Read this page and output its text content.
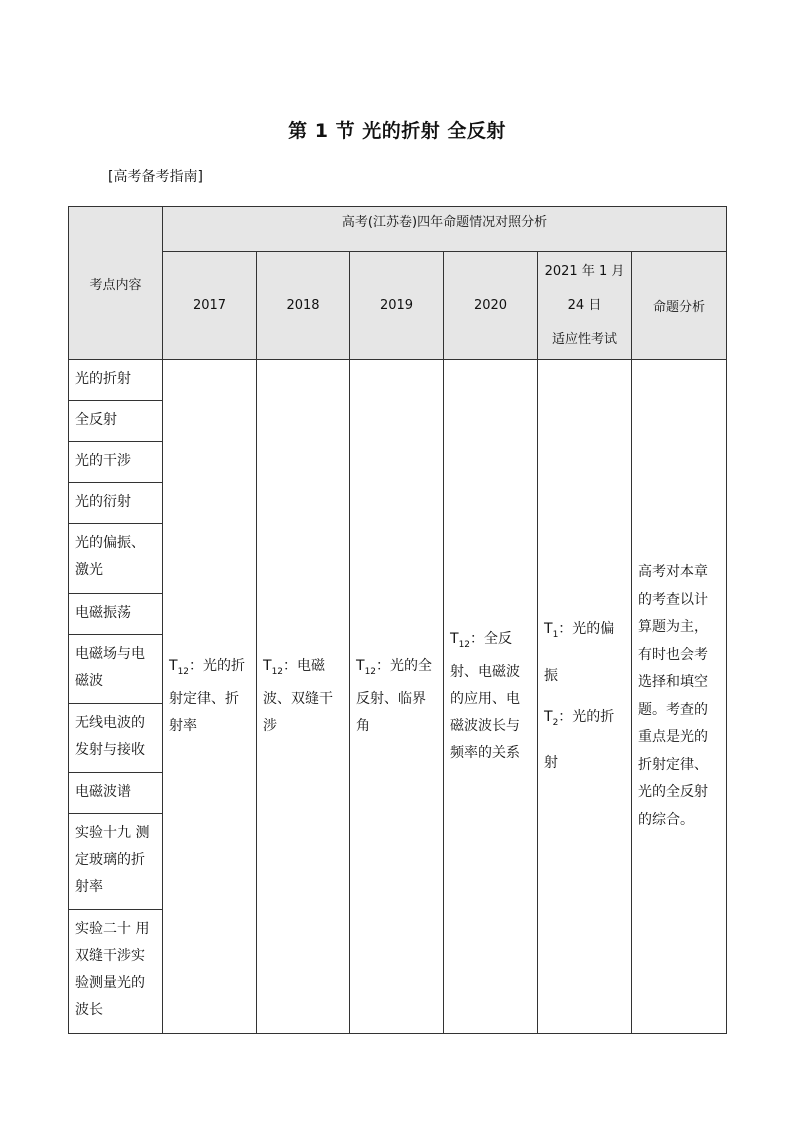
第 1 节 光的折射 全反射
[高考备考指南]
考点内容	高考(江苏卷)四年命题情况对照分析					
	2017	2018	2019	2020	2021 年 1 月
24 日
适应性考试	命题分析
光的折射	$T_{12}$：光的折射定律、折射率	$T_{12}$：电磁波、双缝干涉	$T_{12}$：光的全反射、临界角	$T_{12}$：全反射、电磁波的应用、电磁波波长与频率的关系	$T_1$：光的偏振
$T_2$：光的折射	高考对本章的考查以计算题为主，有时也会考选择和填空题。考查的重点是光的折射定律、光的全反射的综合。
全反射						
光的干涉						
光的衍射						
光的偏振、激光						
电磁振荡						
电磁场与电磁波						
无线电波的发射与接收						
电磁波谱						
实验十九 测定玻璃的折射率						
实验二十 用双缝干涉实验测量光的波长						
